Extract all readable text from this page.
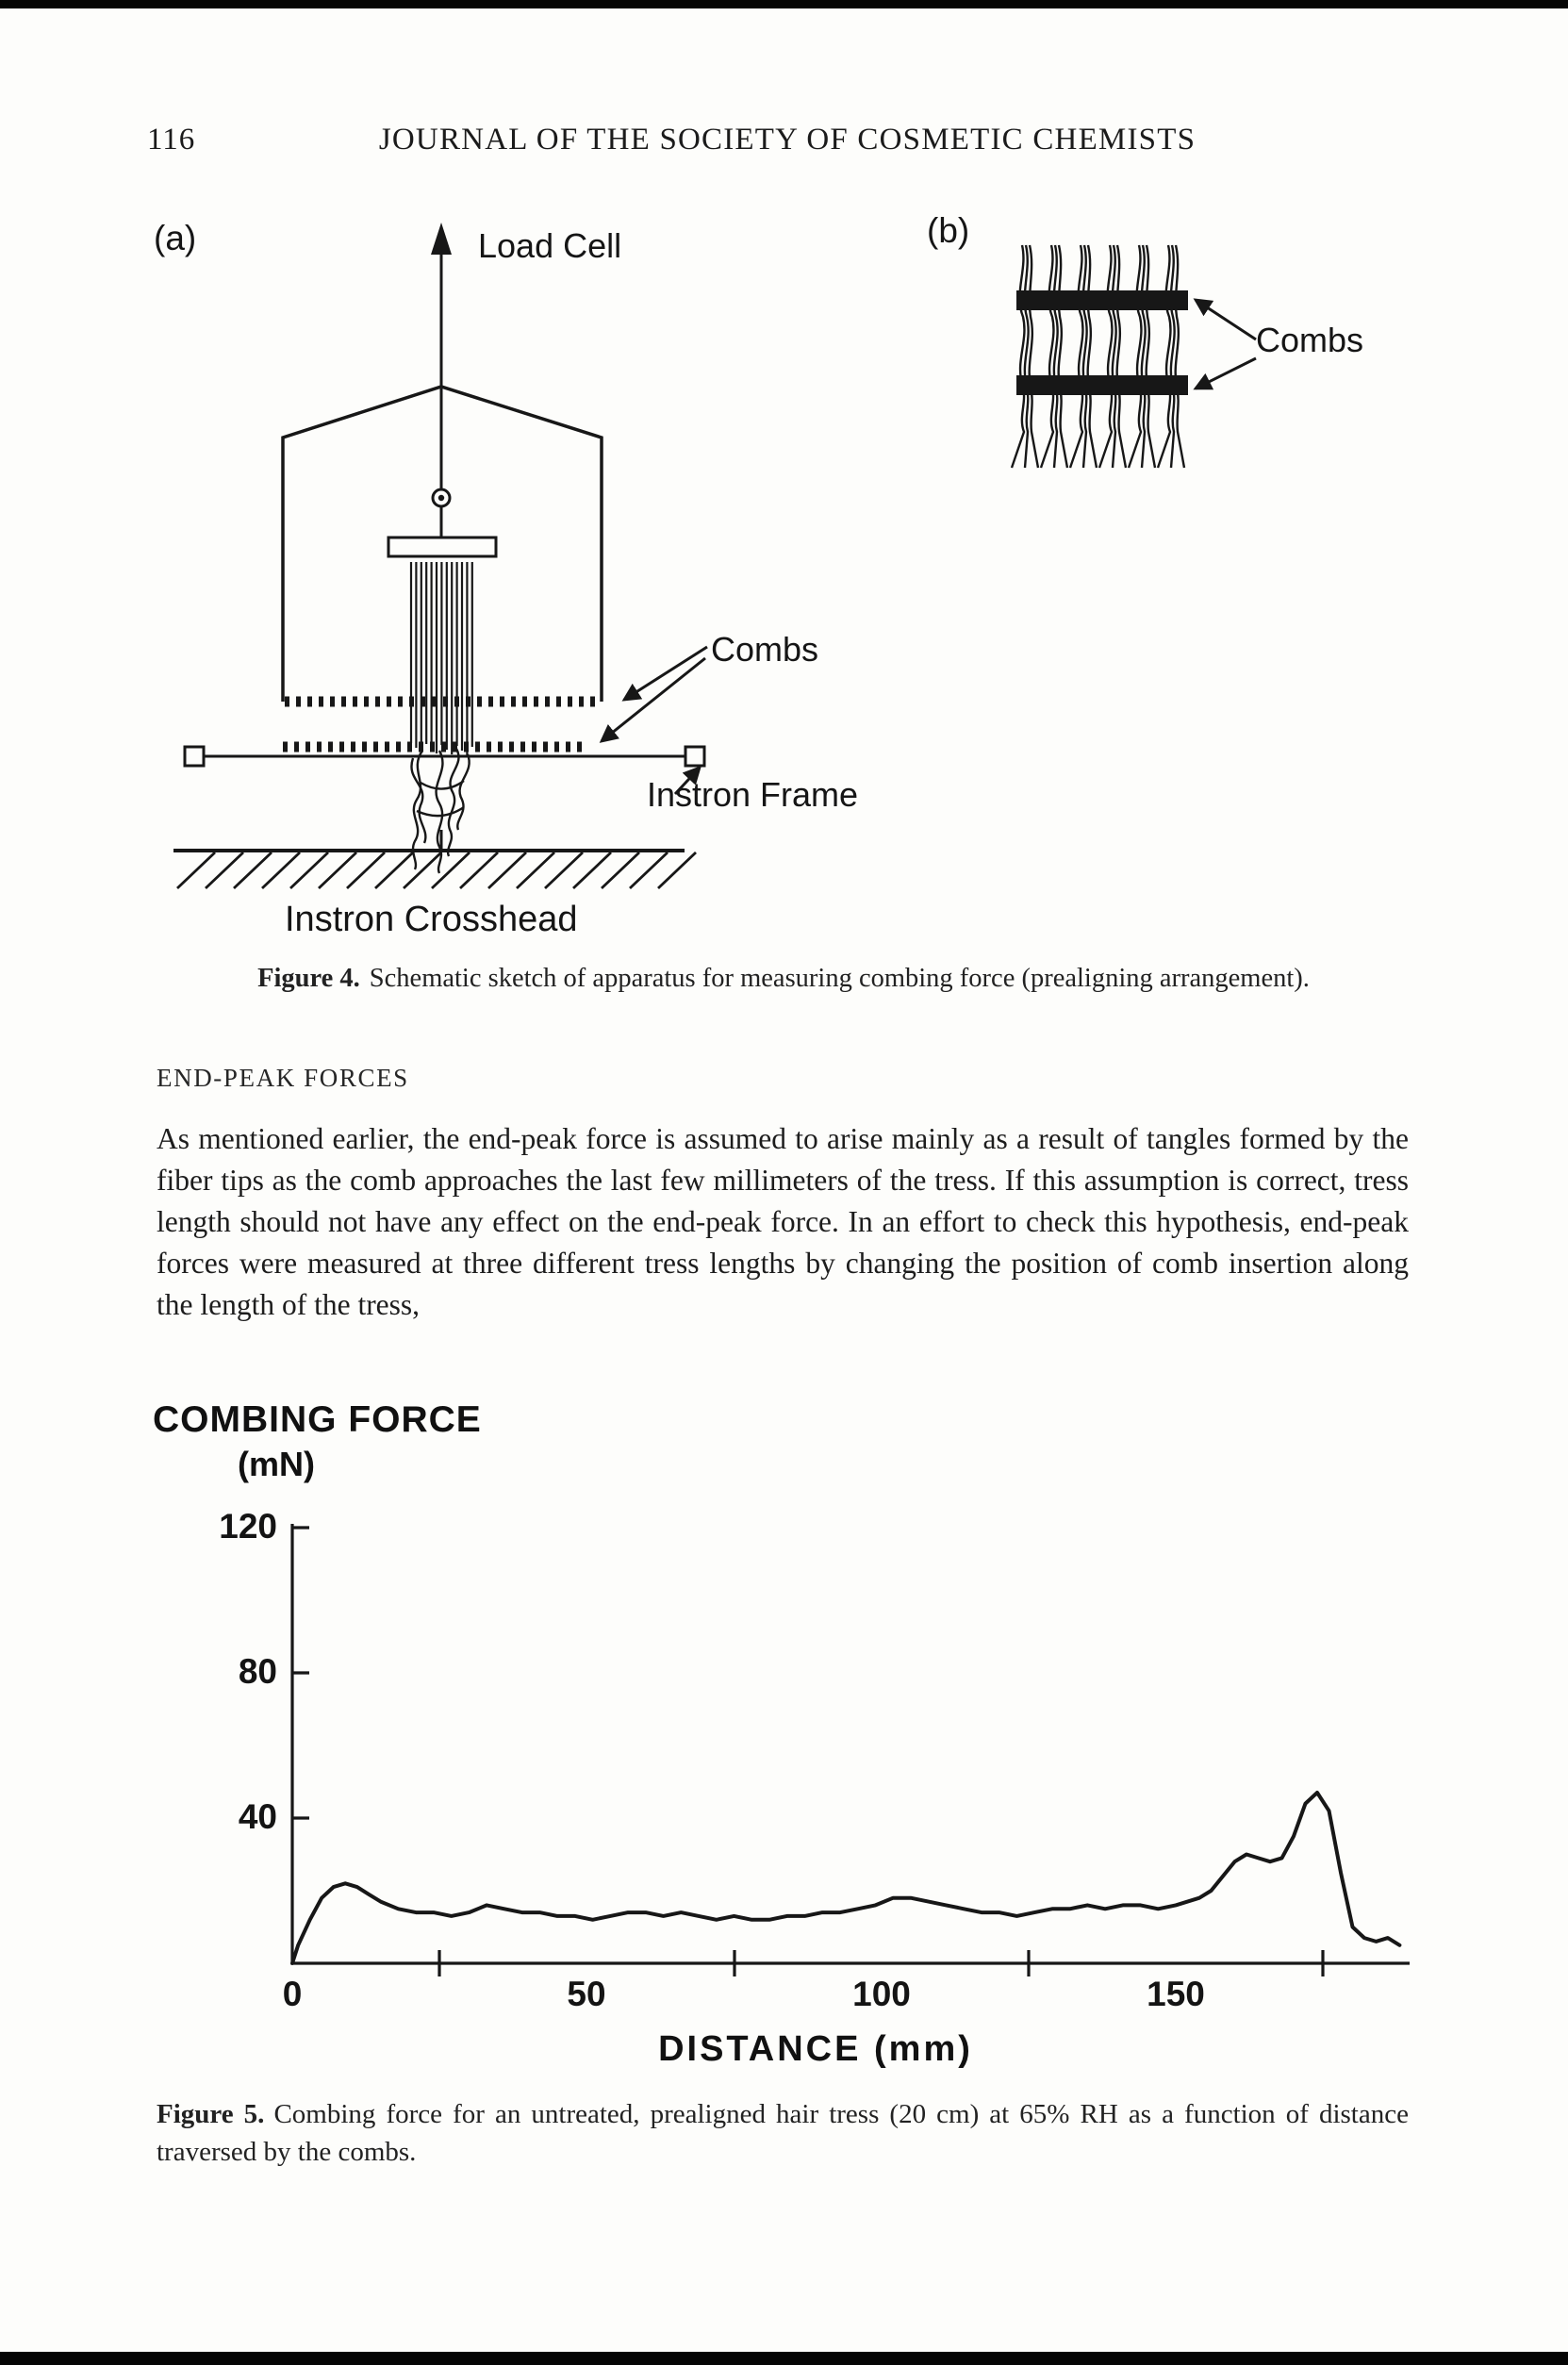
116	JOURNAL OF THE SOCIETY OF COSMETIC CHEMISTS
(a)	Load Cell	(b)
Combs
Combs
Instron Frame
Instron Crosshead
Figure 4. Schematic sketch of apparatus for measuring combing force (prealigning arrangement).
END-PEAK FORCES
As mentioned earlier, the end-peak force is assumed to arise mainly as a result of tangles formed by the fiber tips as the comb approaches the last few millimeters of the tress. If this assumption is correct, tress length should not have any effect on the end-peak force. In an effort to check this hypothesis, end-peak forces were measured at three different tress lengths by changing the position of comb insertion along the length of the tress,
COMBING FORCE
(mN)
120
80
40
0	50	100	150
DISTANCE (mm)
Figure 5. Combing force for an untreated, prealigned hair tress (20 cm) at 65% RH as a function of distance traversed by the combs.
